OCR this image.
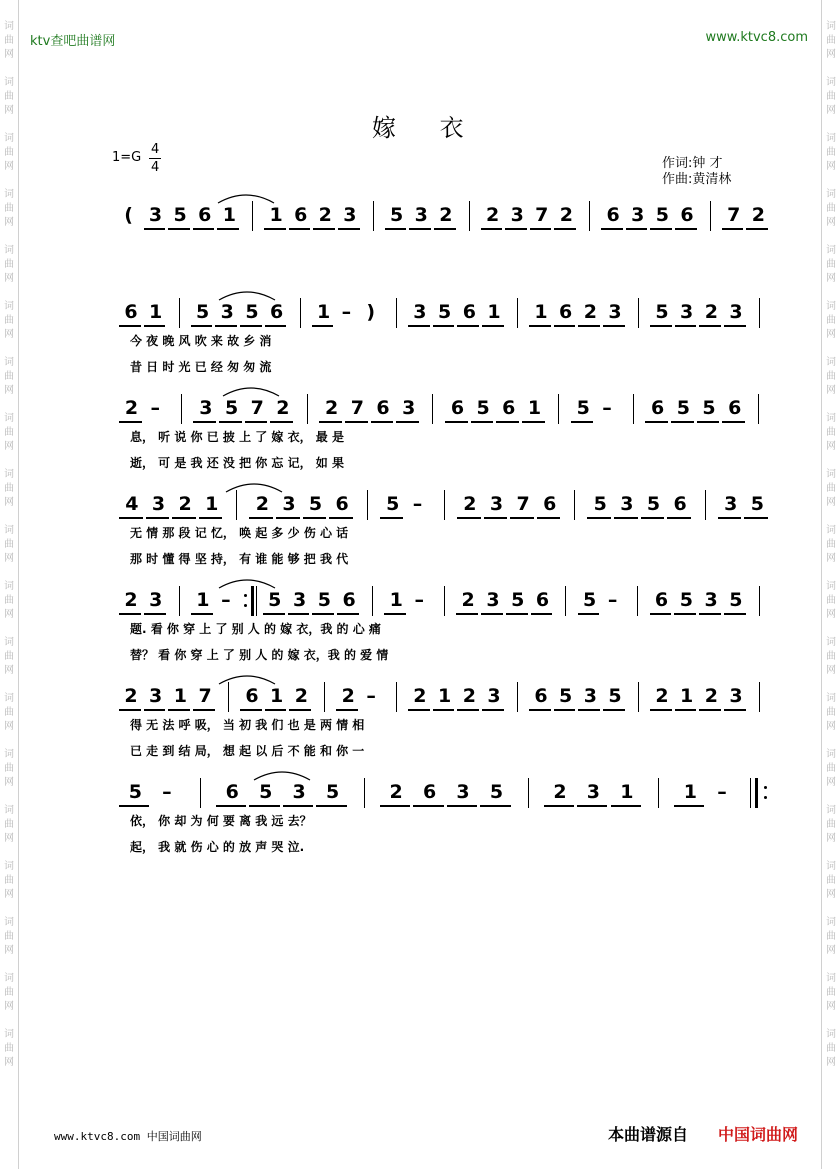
词
曲
网

词
曲
网

词
曲
网

词
曲
网

词
曲
网

词
曲
网

词
曲
网

词
曲
网

词
曲
网

词
曲
网

词
曲
网

词
曲
网

词
曲
网

词
曲
网

词
曲
网

词
曲
网

词
曲
网

词
曲
网

词
曲
网
词
曲
网

词
曲
网

词
曲
网

词
曲
网

词
曲
网

词
曲
网

词
曲
网

词
曲
网

词
曲
网

词
曲
网

词
曲
网

词
曲
网

词
曲
网

词
曲
网

词
曲
网

词
曲
网

词
曲
网

词
曲
网

词
曲
网
ktv查吧曲谱网	www.ktvc8.com
嫁 衣
1=G
4
4	作词:钟 才
作曲:黄清林
( 3 5 6 1 1 6 2 3 5 3 2 2 3 7 2 6 3 5 6 7 2
6 1 5 3 5 6 1 – ) 3 5 6 1 1 6 2 3 5 3 2 3
今 夜 晚 风 吹 来 故 乡 消
昔 日 时 光 已 经 匆 匆 流
2 – 3 5 7 2 2 7 6 3 6 5 6 1 5 – 6 5 5 6
息， 听 说 你 已 披 上 了 嫁 衣， 最 是
逝， 可 是 我 还 没 把 你 忘 记， 如 果
4 3 2 1 2 3 5 6 5 – 2 3 7 6 5 3 5 6 3 5
无 情 那 段 记 忆， 唤 起 多 少 伤 心 话
那 时 懂 得 坚 持， 有 谁 能 够 把 我 代
2 3 1 – 5 3 5 6 1 – 2 3 5 6 5 – 6 5 3 5
题. 看 你 穿 上 了 别 人 的 嫁 衣，我 的 心 痛
替？ 看 你 穿 上 了 别 人 的 嫁 衣，我 的 爱 情
2 3 1 7 6 1 2 2 – 2 1 2 3 6 5 3 5 2 1 2 3
得 无 法 呼 吸， 当 初 我 们 也 是 两 情 相
已 走 到 结 局， 想 起 以 后 不 能 和 你 一
5 –	6 5 3 5	2 6 3 5	2 3 1	1 –
依， 你 却 为 何 要 离 我 远 去？
起， 我 就 伤 心 的 放 声 哭 泣.
www.ktvc8.com 中国词曲网	本曲谱源自 中国词曲网
